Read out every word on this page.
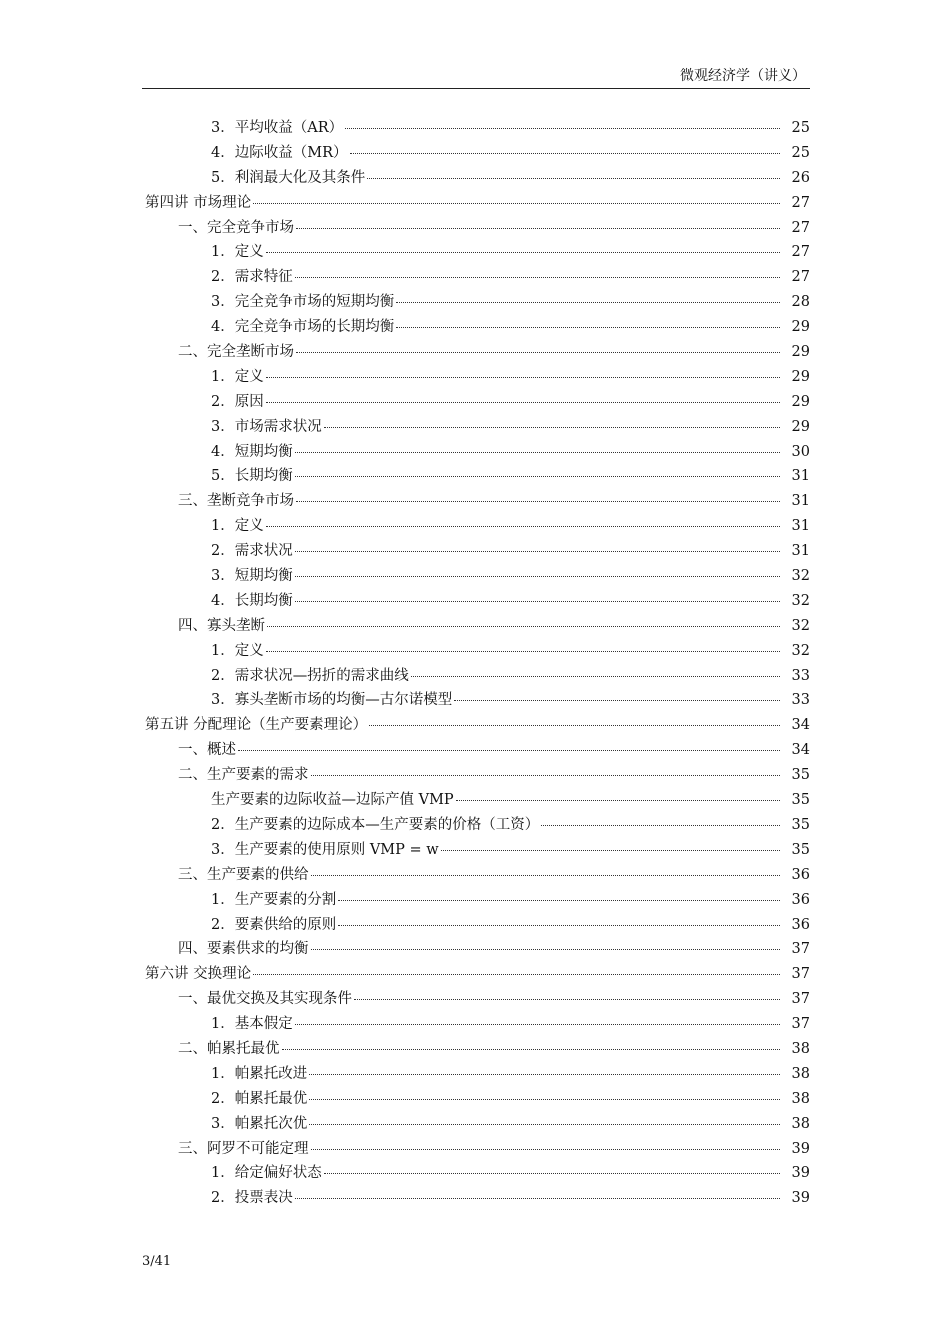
微观经济学（讲义）
3．平均收益（AR）	25
4．边际收益（MR）	25
5．利润最大化及其条件	26
第四讲 市场理论	27
一、完全竞争市场	27
1．定义	27
2．需求特征	27
3．完全竞争市场的短期均衡	28
4．完全竞争市场的长期均衡	29
二、完全垄断市场	29
1．定义	29
2．原因	29
3．市场需求状况	29
4．短期均衡	30
5．长期均衡	31
三、垄断竞争市场	31
1．定义	31
2．需求状况	31
3．短期均衡	32
4．长期均衡	32
四、寡头垄断	32
1．定义	32
2．需求状况—拐折的需求曲线	33
3．寡头垄断市场的均衡—古尔诺模型	33
第五讲 分配理论（生产要素理论）	34
一、概述	34
二、生产要素的需求	35
生产要素的边际收益—边际产值 VMP	35
2．生产要素的边际成本—生产要素的价格（工资）	35
3．生产要素的使用原则 VMP = w	35
三、生产要素的供给	36
1．生产要素的分割	36
2．要素供给的原则	36
四、要素供求的均衡	37
第六讲 交换理论	37
一、最优交换及其实现条件	37
1．基本假定	37
二、帕累托最优	38
1．帕累托改进	38
2．帕累托最优	38
3．帕累托次优	38
三、阿罗不可能定理	39
1．给定偏好状态	39
2．投票表决	39
3/41
